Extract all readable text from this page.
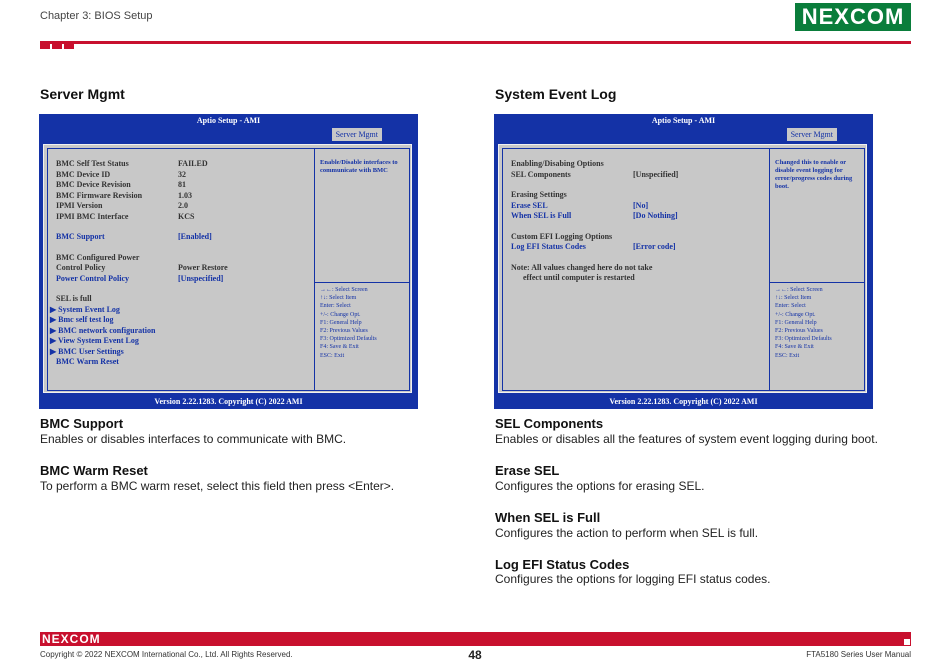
Chapter 3: BIOS Setup	NEXCOM
Server Mgmt
Aptio Setup - AMI
Server Mgmt
BMC Self Test Status	FAILED
BMC Device ID	32
BMC Device Revision	81
BMC Firmware Revision	1.03
IPMI Version	2.0
IPMI BMC Interface	KCS
BMC Support	[Enabled]
BMC Configured Power
Control Policy	Power Restore
Power Control Policy	[Unspecified]
SEL is full
▶ System Event Log
▶ Bmc self test log
▶ BMC network configuration
▶ View System Event Log
▶ BMC User Settings
BMC Warm Reset
Enable/Disable interfaces to communicate with BMC
→←: Select Screen
↑↓: Select Item
Enter: Select
+/-: Change Opt.
F1: General Help
F2: Previous Values
F3: Optimized Defaults
F4: Save & Exit
ESC: Exit
Version 2.22.1283. Copyright (C) 2022 AMI
BMC Support
Enables or disables interfaces to communicate with BMC.
BMC Warm Reset
To perform a BMC warm reset, select this field then press <Enter>.
System Event Log
Aptio Setup - AMI
Server Mgmt
Enabling/Disabing Options
SEL Components	[Unspecified]
Erasing Settings
Erase SEL	[No]
When SEL is Full	[Do Nothing]
Custom EFI Logging Options
Log EFI Status Codes	[Error code]
Note: All values changed here do not take
effect until computer is restarted
Changed this to enable or disable event logging for error/progress codes during boot.
→←: Select Screen
↑↓: Select Item
Enter: Select
+/-: Change Opt.
F1: General Help
F2: Previous Values
F3: Optimized Defaults
F4: Save & Exit
ESC: Exit
Version 2.22.1283. Copyright (C) 2022 AMI
SEL Components
Enables or disables all the features of system event logging during boot.
Erase SEL
Configures the options for erasing SEL.
When SEL is Full
Configures the action to perform when SEL is full.
Log EFI Status Codes
Configures the options for logging EFI status codes.
NEXCOM
Copyright © 2022 NEXCOM International Co., Ltd. All Rights Reserved.	48	FTA5180 Series User Manual
